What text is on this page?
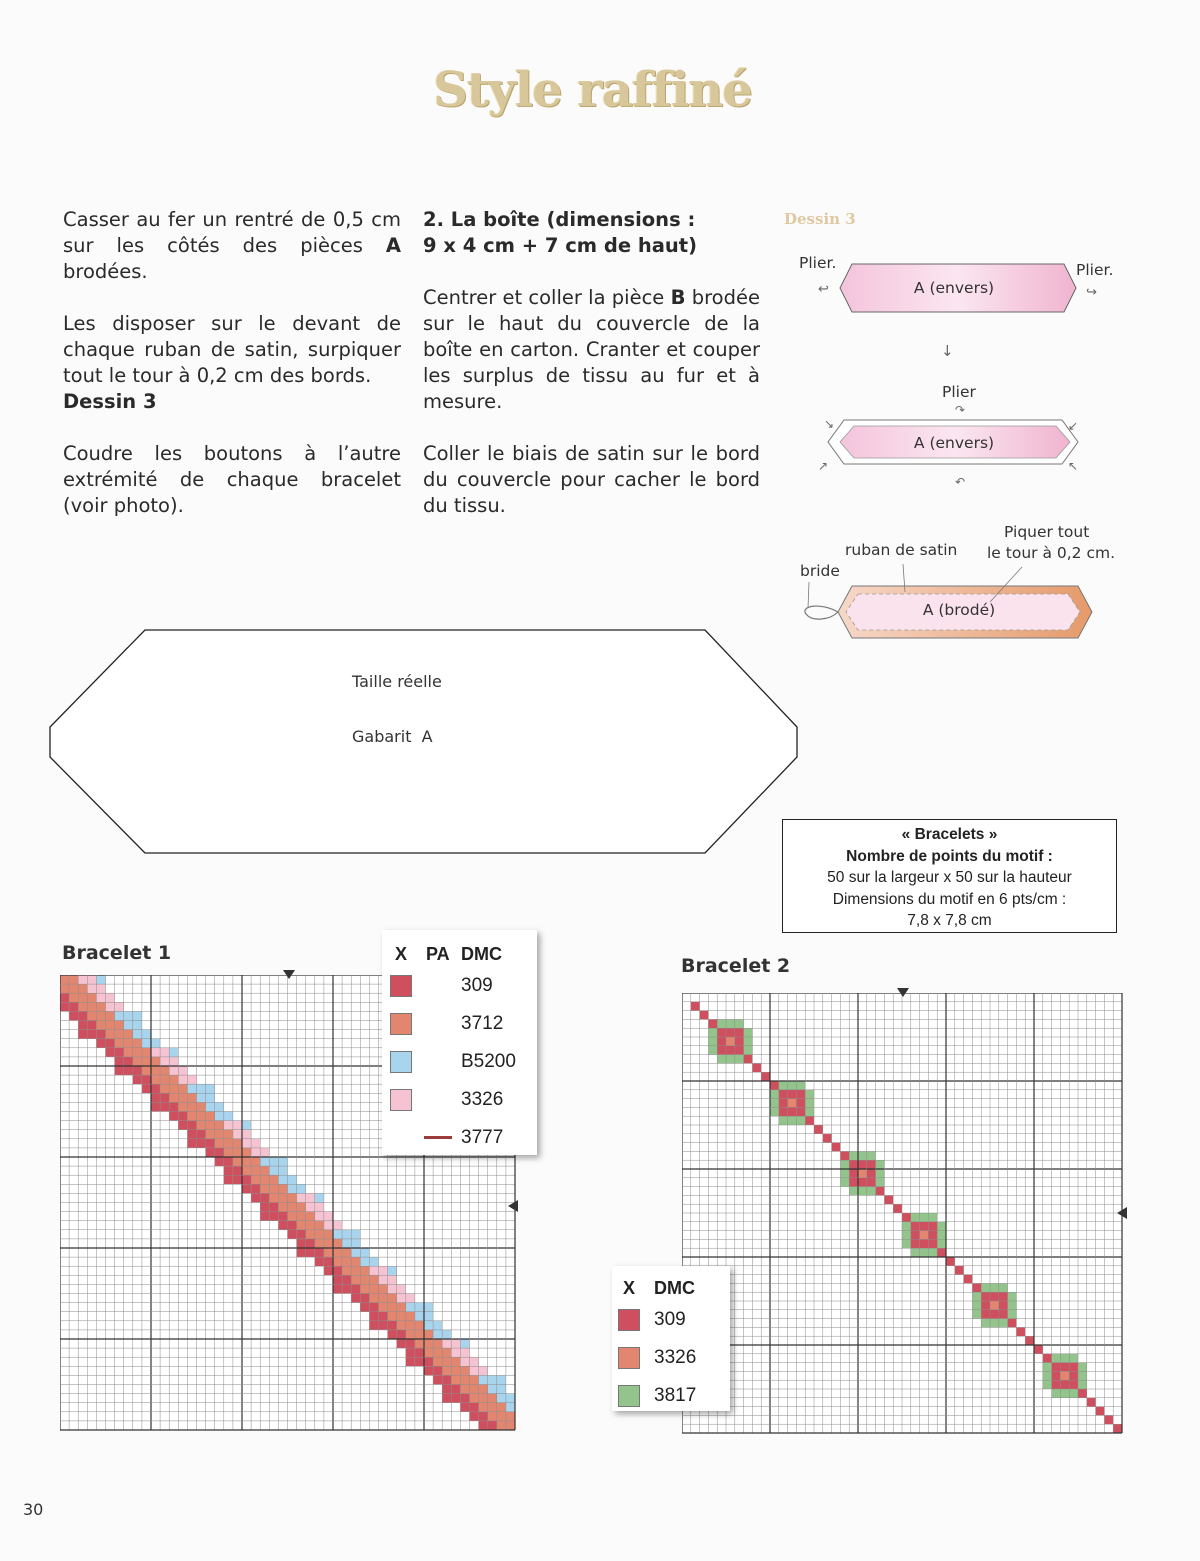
Style raffiné

Casser au fer un rentré de 0,5 cm sur les côtés des pièces A brodées.

Les disposer sur le devant de chaque ruban de satin, surpiquer tout le tour à 0,2 cm des bords.
Dessin 3

Coudre les boutons à l’autre extrémité de chaque bracelet (voir photo).

2. La boîte (dimensions :
9 x 4 cm + 7 cm de haut)

Centrer et coller la pièce B brodée sur le haut du couvercle de la boîte en carton. Cranter et couper les surplus de tissu au fur et à mesure.

Coller le biais de satin sur le bord du couvercle pour cacher le bord du tissu.

Dessin 3
↩	↪
↓
↘	↙
↗	↖
↷
↶
Plier.	Plier.
A (envers)
Plier
A (envers)
bride
ruban de satin
Piquer tout
le tour à 0,2 cm.
A (brodé)
Taille réelle
Gabarit A
« Bracelets »
Nombre de points du motif :
50 sur la largeur x 50 sur la hauteur
Dimensions du motif en 6 pts/cm :
7,8 x 7,8 cm
Bracelet 1	X PA DMC
309
3712
B5200
3326
3777
Bracelet 2
X DMC
309
3326
3817
30
